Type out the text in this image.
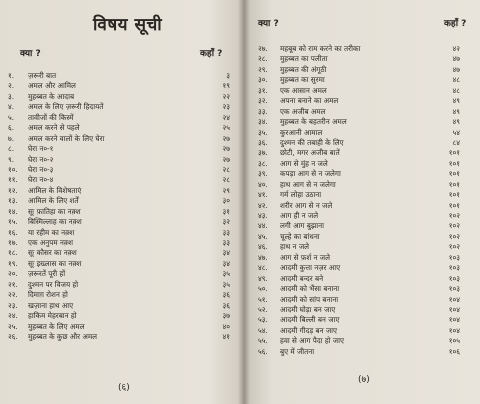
विषय सूची
क्या ?	कहाँ ?
१.	ज़रूरी बात	३
२.	अमल और आमिल	१९
३.	मुहब्बत के आदाब	२२
४.	अमल के लिए ज़रूरी हिदायतें	२३
५.	तावीजों की किस्में	२४
६.	अमल करने से पहले	२५
७.	अमल करने वालों के लिए घेरा	२७
८.	घेरा न०-१	२७
९.	घेरा न०-२	२७
१०.	घेरा न०-३	२८
११.	घेरा न०-४	२८
१२.	आमिल के विशेषताएं	२९
१३.	आमिल के लिए शर्तें	३०
१४.	सूः फ़ातिहा का नक़्श	३१
१५.	बिस्मिल्लाह का नक़्श	३२
१६.	या रहीम का नक़्श	३३
१७.	एक अनुपम नक़्श	३३
१८.	सूः कौसर का नक़्श	३४
१९.	सूः इख्लास का नक़्श	३४
२०.	ज़रूरतें पूरी हों	३५
२१.	दुश्मन पर विजय हो	३५
२२.	दिमाग़ रोशन हो	३६
२३.	खज़ाना हाथ आए	३६
२४.	हाकिम मेहरबान हो	३७
२५.	मुहब्बत के लिए अमल	४०
२६.	मुहब्बत के कुछ और अमल	४१
(६)
क्या ?	कहाँ ?
(७)
२७.	महबूब को राम करने का तरीका	४२
२८.	मुहब्बत का पलीता	४७
२९.	मुहब्बत की अंगूठी	४७
३०.	मुहब्बत का सुरमा	४८
३१.	एक आसान अमल	४८
३२.	अपना बनाने का अमल	४९
३३.	एक अजीब अमल	४९
३४.	मुहब्बत के बहतरीन अमल	४९
३५.	कुरआनी आमाल	५४
३६.	दुश्मन की तबाही के लिए	८४
३७.	छोटी, मगर अजीब बातें	१०१
३८.	आग से मुंह न जले	१०१
३९.	कपड़ा आग से न जलेगा	१०१
४०.	हाथ आग से न जलेगा	१०१
४१.	गर्म लोहा उठाना	१०१
४२.	शरीर आग से न जले	१०१
४३.	आग ही न जले	१०२
४४.	लगी आग बुझाना	१०२
४५.	चूल्हे का बांधना	१०२
४६.	हाथ न जले	१०२
४७.	आग से फ़र्श न जले	१०३
४८.	आदमी कुत्ता नज़र आए	१०३
४९.	आदमी बन्दर बने	१०३
५०.	आदमी को भैंसा बनाना	१०३
५१.	आदमी को सांप बनाना	१०४
५२.	आदमी घोड़ा बन जाए	१०४
५३.	आदमी बिल्ली बन जाए	१०४
५४.	आदमी गीदड़ बन जाए	१०४
५५.	हवा से आग पैदा हो जाए	१०५
५६.	बुए में जीतना	१०६
